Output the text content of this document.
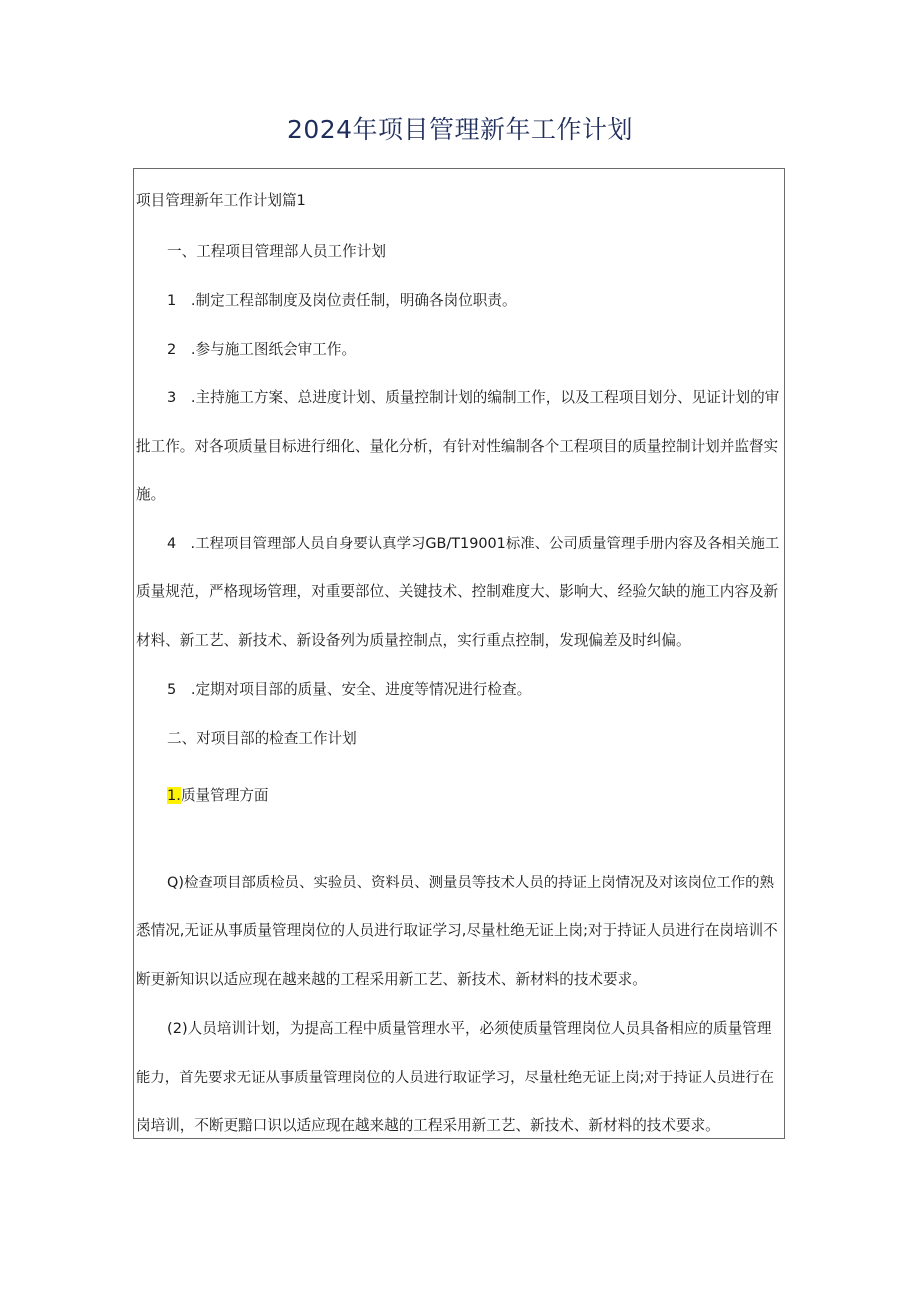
2024年项目管理新年工作计划
项目管理新年工作计划篇1
一、工程项目管理部人员工作计划
1　.制定工程部制度及岗位责任制，明确各岗位职责。
2　.参与施工图纸会审工作。
3　.主持施工方案、总进度计划、质量控制计划的编制工作，以及工程项目划分、见证计划的审
批工作。对各项质量目标进行细化、量化分析，有针对性编制各个工程项目的质量控制计划并监督实
施。
4　.工程项目管理部人员自身要认真学习GB/T19001标准、公司质量管理手册内容及各相关施工
质量规范，严格现场管理，对重要部位、关键技术、控制难度大、影响大、经验欠缺的施工内容及新
材料、新工艺、新技术、新设备列为质量控制点，实行重点控制，发现偏差及时纠偏。
5　.定期对项目部的质量、安全、进度等情况进行检查。
二、对项目部的检查工作计划
1.质量管理方面
Q)检查项目部质检员、实验员、资料员、测量员等技术人员的持证上岗情况及对该岗位工作的熟
悉情况,无证从事质量管理岗位的人员进行取证学习,尽量杜绝无证上岗;对于持证人员进行在岗培训不
断更新知识以适应现在越来越的工程采用新工艺、新技术、新材料的技术要求。
(2)人员培训计划，为提高工程中质量管理水平，必须使质量管理岗位人员具备相应的质量管理
能力，首先要求无证从事质量管理岗位的人员进行取证学习，尽量杜绝无证上岗;对于持证人员进行在
岗培训，不断更黯口识以适应现在越来越的工程采用新工艺、新技术、新材料的技术要求。
